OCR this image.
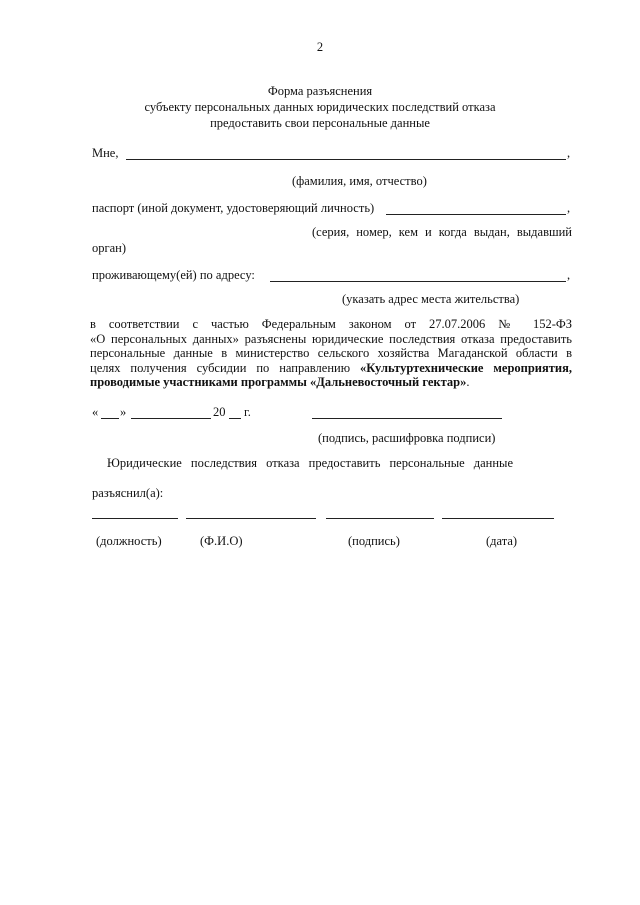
2
Форма разъяснения
субъекту персональных данных юридических последствий отказа
предоставить свои персональные данные
Мне,	,
(фамилия, имя, отчество)
паспорт (иной документ, удостоверяющий личность)	,
(серия, номер, кем и когда выдан, выдавший
орган)
проживающему(ей) по адресу:	,
(указать адрес места жительства)
в соответствии с частью Федеральным законом от 27.07.2006 № 152-ФЗ
«О персональных данных» разъяснены юридические последствия отказа предоставить
персональные данные в министерство сельского хозяйства Магаданской области в
целях получения субсидии по направлению «Культуртехнические мероприятия,
проводимые участниками программы «Дальневосточный гектар».
« »	20 г.
(подпись, расшифровка подписи)
Юридические последствия отказа предоставить персональные данные
разъяснил(а):
(должность)	(Ф.И.О)	(подпись)	(дата)
